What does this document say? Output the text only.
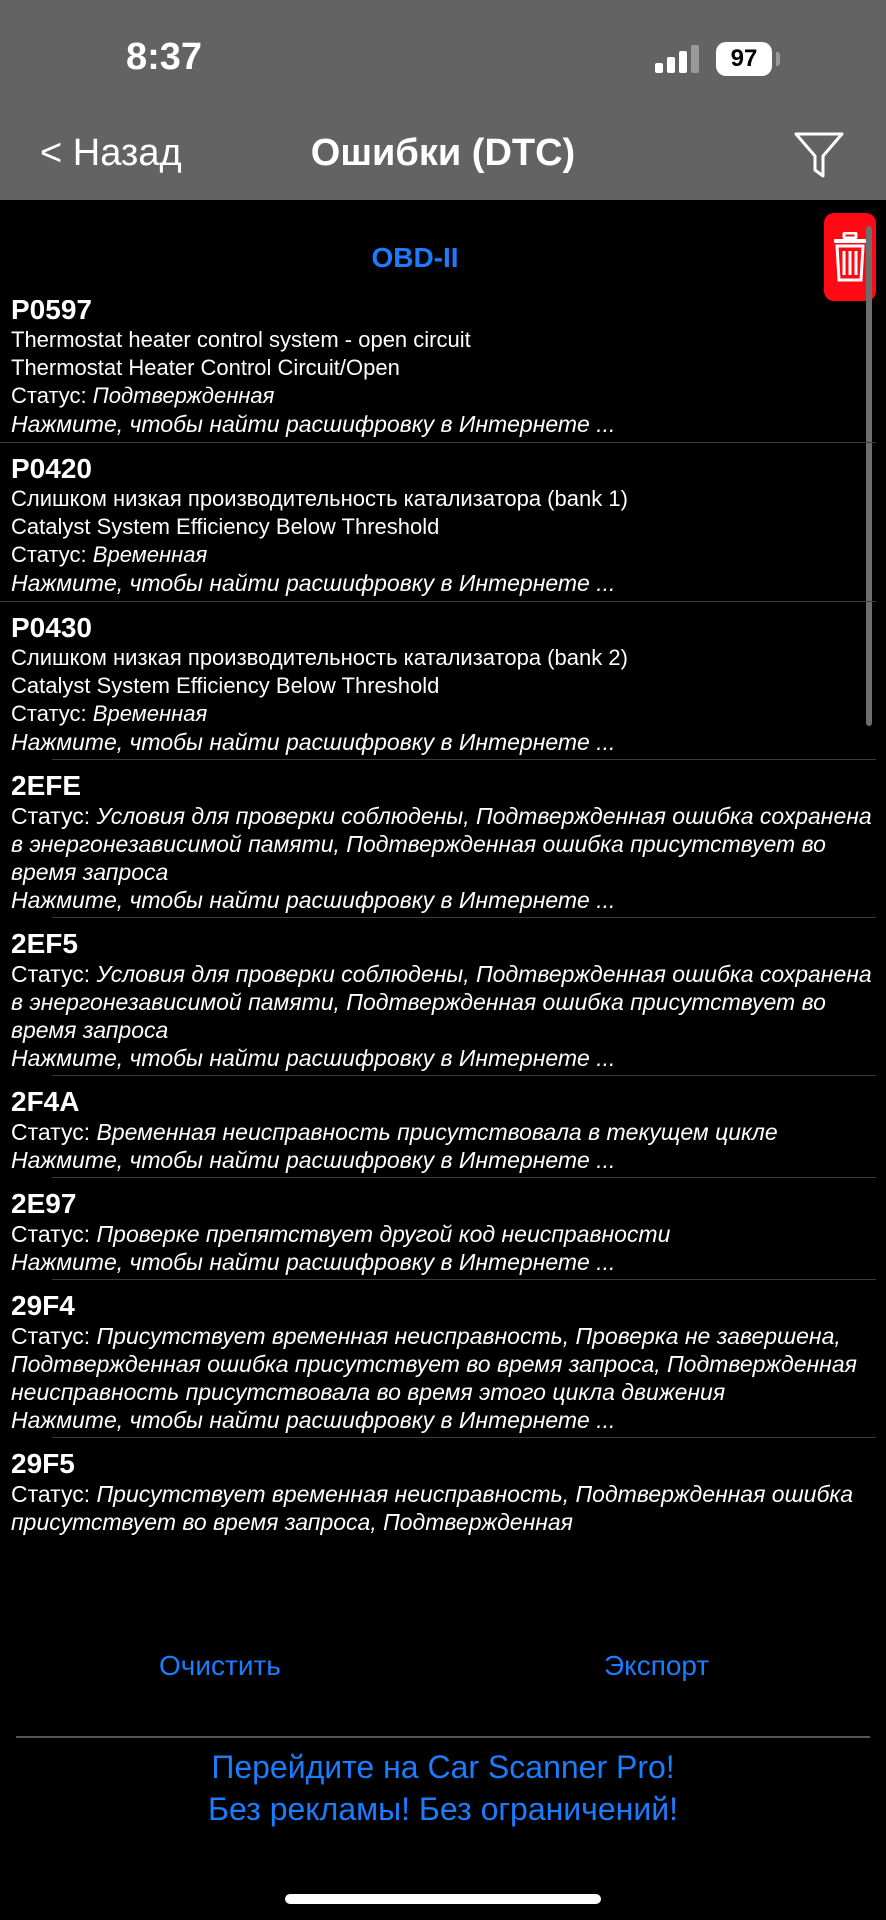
8:37	97
< Назад	Ошибки (DTC)
OBD-II
P0597
Thermostat heater control system - open circuit
Thermostat Heater Control Circuit/Open
Статус: Подтвержденная
Нажмите, чтобы найти расшифровку в Интернете ...
P0420
Слишком низкая производительность катализатора (bank 1)
Catalyst System Efficiency Below Threshold
Статус: Временная
Нажмите, чтобы найти расшифровку в Интернете ...
P0430
Слишком низкая производительность катализатора (bank 2)
Catalyst System Efficiency Below Threshold
Статус: Временная
Нажмите, чтобы найти расшифровку в Интернете ...
2EFE
Статус: Условия для проверки соблюдены, Подтвержденная ошибка сохранена в энергонезависимой памяти, Подтвержденная ошибка присутствует во время запроса
Нажмите, чтобы найти расшифровку в Интернете ...
2EF5
Статус: Условия для проверки соблюдены, Подтвержденная ошибка сохранена в энергонезависимой памяти, Подтвержденная ошибка присутствует во время запроса
Нажмите, чтобы найти расшифровку в Интернете ...
2F4A
Статус: Временная неисправность присутствовала в текущем цикле
Нажмите, чтобы найти расшифровку в Интернете ...
2E97
Статус: Проверке препятствует другой код неисправности
Нажмите, чтобы найти расшифровку в Интернете ...
29F4
Статус: Присутствует временная неисправность, Проверка не завершена, Подтвержденная ошибка присутствует во время запроса, Подтвержденная неисправность присутствовала во время этого цикла движения
Нажмите, чтобы найти расшифровку в Интернете ...
29F5
Статус: Присутствует временная неисправность, Подтвержденная ошибка присутствует во время запроса, Подтвержденная
Очистить	Экспорт
Перейдите на Car Scanner Pro!
Без рекламы! Без ограничений!
